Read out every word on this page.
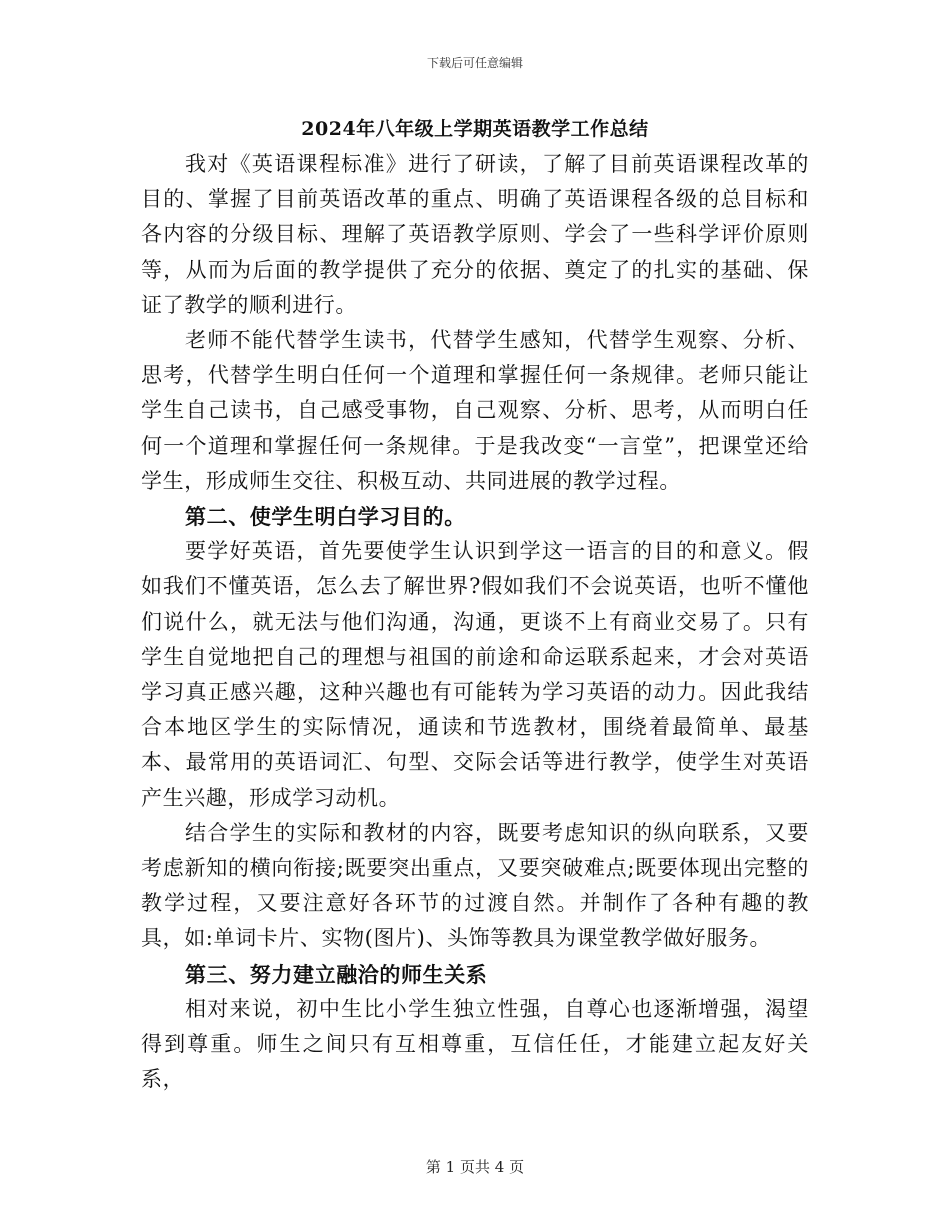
下载后可任意编辑
2024年八年级上学期英语教学工作总结

我对《英语课程标准》进行了研读，了解了目前英语课程改革的目的、掌握了目前英语改革的重点、明确了英语课程各级的总目标和各内容的分级目标、理解了英语教学原则、学会了一些科学评价原则等，从而为后面的教学提供了充分的依据、奠定了的扎实的基础、保证了教学的顺利进行。

老师不能代替学生读书，代替学生感知，代替学生观察、分析、思考，代替学生明白任何一个道理和掌握任何一条规律。老师只能让学生自己读书，自己感受事物，自己观察、分析、思考，从而明白任何一个道理和掌握任何一条规律。于是我改变“一言堂”，把课堂还给学生，形成师生交往、积极互动、共同进展的教学过程。

第二、使学生明白学习目的。

要学好英语，首先要使学生认识到学这一语言的目的和意义。假如我们不懂英语，怎么去了解世界?假如我们不会说英语，也听不懂他们说什么，就无法与他们沟通，沟通，更谈不上有商业交易了。只有学生自觉地把自己的理想与祖国的前途和命运联系起来，才会对英语学习真正感兴趣，这种兴趣也有可能转为学习英语的动力。因此我结合本地区学生的实际情况，通读和节选教材，围绕着最简单、最基本、最常用的英语词汇、句型、交际会话等进行教学，使学生对英语产生兴趣，形成学习动机。

结合学生的实际和教材的内容，既要考虑知识的纵向联系，又要考虑新知的横向衔接;既要突出重点，又要突破难点;既要体现出完整的教学过程，又要注意好各环节的过渡自然。并制作了各种有趣的教具，如:单词卡片、实物(图片)、头饰等教具为课堂教学做好服务。

第三、努力建立融洽的师生关系

相对来说，初中生比小学生独立性强，自尊心也逐渐增强，渴望得到尊重。师生之间只有互相尊重，互信任任，才能建立起友好关系，

第 1 页共 4 页
